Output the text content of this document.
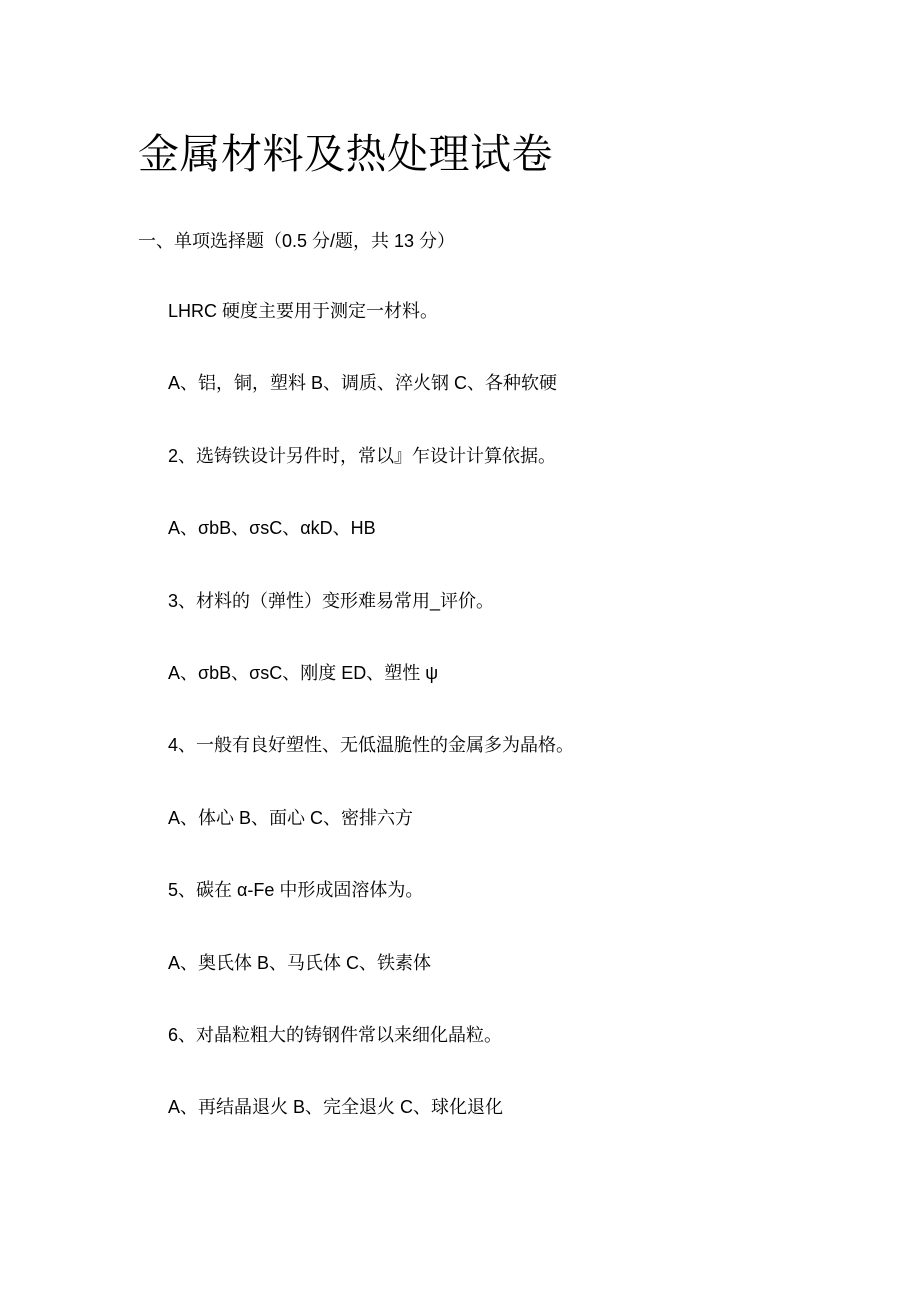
金属材料及热处理试卷
一、单项选择题（0.5 分/题，共 13 分）
LHRC 硬度主要用于测定一材料。
A、铝，铜，塑料 B、调质、淬火钢 C、各种软硬
2、选铸铁设计另件时，常以』乍设计计算依据。
A、σbB、σsC、αkD、HB
3、材料的（弹性）变形难易常用_评价。
A、σbB、σsC、刚度 ED、塑性 ψ
4、一般有良好塑性、无低温脆性的金属多为晶格。
A、体心 B、面心 C、密排六方
5、碳在 α-Fe 中形成固溶体为。
A、奥氏体 B、马氏体 C、铁素体
6、对晶粒粗大的铸钢件常以来细化晶粒。
A、再结晶退火 B、完全退火 C、球化退化
